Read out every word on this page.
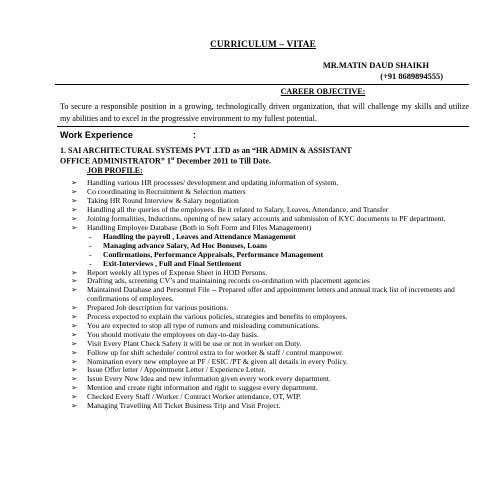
CURRICULUM – VITAE
MR.MATIN DAUD SHAIKH
(+91 8689894555)
CAREER OBJECTIVE:
To secure a responsible position in a growing, technologically driven organization, that will challenge my skills and utilize my abilities and to excel in the progressive environment to my fullest potential.
Work Experience	:
1. SAI ARCHITECTURAL SYSTEMS PVT .LTD as an “HR ADMIN & ASSISTANT
OFFICE ADMINISTRATOR” 1st December 2011 to Till Date.
JOB PROFILE:
➢ Handling various HR processes/ development and updating information of system.
➢ Co coordinating in Recruitment & Selection matters
➢ Taking HR Round Interview & Salary negotiation
➢ Handling all the queries of the employees. Be it related to Salary, Leaves, Attendance, and Transfer
➢ Joining formalities, Inductions, opening of new salary accounts and submission of KYC documents to PF department.
➢ Handling Employee Database (Both in Soft Form and Files Management)
- Handling the payroll , Leaves and Attendance Management
- Managing advance Salary, Ad Hoc Bonuses, Loans
- Confirmations, Performance Appraisals, Performance Management
- Exit-Interviews , Full and Final Settlement
➢ Report weekly all types of Expense Sheet in HOD Persons.
➢ Drafting ads, screening CV’s and maintaining records co-ordination with placement agencies
➢ Maintained Database and Personnel File -- Prepared offer and appointment letters and annual track list of increments and confirmations of employees.
➢ Prepared Job description for various positions.
➢ Process expected to explain the various policies, strategies and benefits to employees.
➢ You are expected to stop all type of rumors and misleading communications.
➢ You should motivate the employees on day-to-day basis.
➢ Visit Every Plant Check Safety it will be use or not in worker on Duty.
➢ Follow up for shift schedule/ control extra to for worker & staff / control manpower.
➢ Nomination every new employee at PF / ESIC /PT & given all details in every Policy.
➢ Issue Offer letter / Appointment Letter / Experience Letter.
➢ Issue Every New Idea and new information given every work every department.
➢ Mention and create right information and right to suggest every department.
➢ Checked Every Staff / Worker / Contract Worker attendance, OT, WIP.
➢ Managing Travelling All Ticket Business Trip and Visit Project.
